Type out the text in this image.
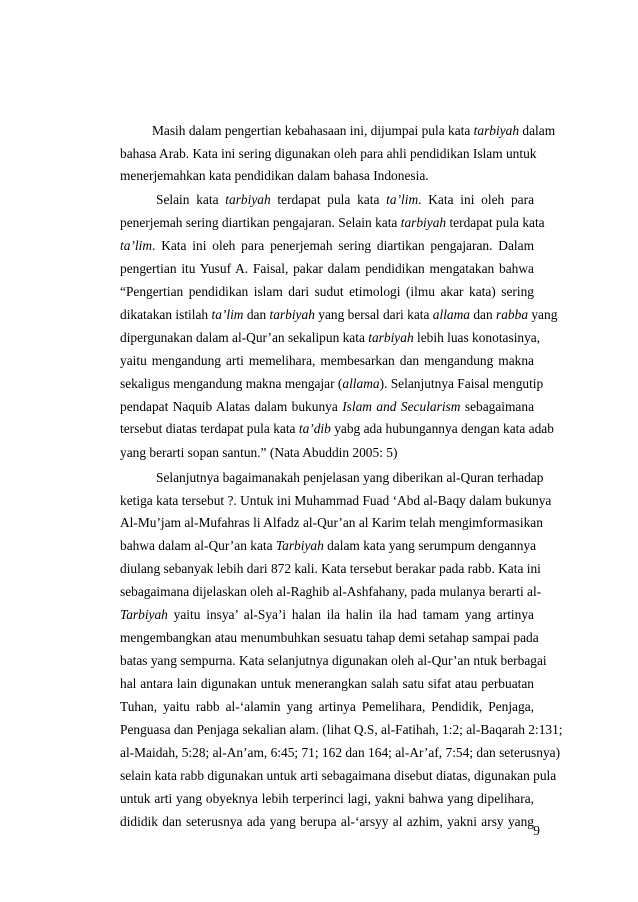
Masih dalam pengertian kebahasaan ini, dijumpai pula kata tarbiyah dalam
bahasa Arab. Kata ini sering digunakan oleh para ahli pendidikan Islam untuk
menerjemahkan kata pendidikan dalam bahasa Indonesia.
Selain kata tarbiyah terdapat pula kata ta’lim. Kata ini oleh para
penerjemah sering diartikan pengajaran. Selain kata tarbiyah terdapat pula kata
ta’lim. Kata ini oleh para penerjemah sering diartikan pengajaran. Dalam
pengertian itu Yusuf A. Faisal, pakar dalam pendidikan mengatakan bahwa
“Pengertian pendidikan islam dari sudut etimologi (ilmu akar kata) sering
dikatakan istilah ta’lim dan tarbiyah yang bersal dari kata allama dan rabba yang
dipergunakan dalam al-Qur’an sekalipun kata tarbiyah lebih luas konotasinya,
yaitu mengandung arti memelihara, membesarkan dan mengandung makna
sekaligus mengandung makna mengajar (allama). Selanjutnya Faisal mengutip
pendapat Naquib Alatas dalam bukunya Islam and Secularism sebagaimana
tersebut diatas terdapat pula kata ta’dib yabg ada hubungannya dengan kata adab
yang berarti sopan santun.” (Nata Abuddin 2005: 5)
Selanjutnya bagaimanakah penjelasan yang diberikan al-Quran terhadap
ketiga kata tersebut ?. Untuk ini Muhammad Fuad ‘Abd al-Baqy dalam bukunya
Al-Mu’jam al-Mufahras li Alfadz al-Qur’an al Karim telah mengimformasikan
bahwa dalam al-Qur’an kata Tarbiyah dalam kata yang serumpum dengannya
diulang sebanyak lebih dari 872 kali. Kata tersebut berakar pada rabb. Kata ini
sebagaimana dijelaskan oleh al-Raghib al-Ashfahany, pada mulanya berarti al-
Tarbiyah yaitu insya’ al-Sya’i halan ila halin ila had tamam yang artinya
mengembangkan atau menumbuhkan sesuatu tahap demi setahap sampai pada
batas yang sempurna. Kata selanjutnya digunakan oleh al-Qur’an ntuk berbagai
hal antara lain digunakan untuk menerangkan salah satu sifat atau perbuatan
Tuhan, yaitu rabb al-‘alamin yang artinya Pemelihara, Pendidik, Penjaga,
Penguasa dan Penjaga sekalian alam. (lihat Q.S, al-Fatihah, 1:2; al-Baqarah 2:131;
al-Maidah, 5:28; al-An’am, 6:45; 71; 162 dan 164; al-Ar’af, 7:54; dan seterusnya)
selain kata rabb digunakan untuk arti sebagaimana disebut diatas, digunakan pula
untuk arti yang obyeknya lebih terperinci lagi, yakni bahwa yang dipelihara,
dididik dan seterusnya ada yang berupa al-‘arsyy al azhim, yakni arsy yang
9
